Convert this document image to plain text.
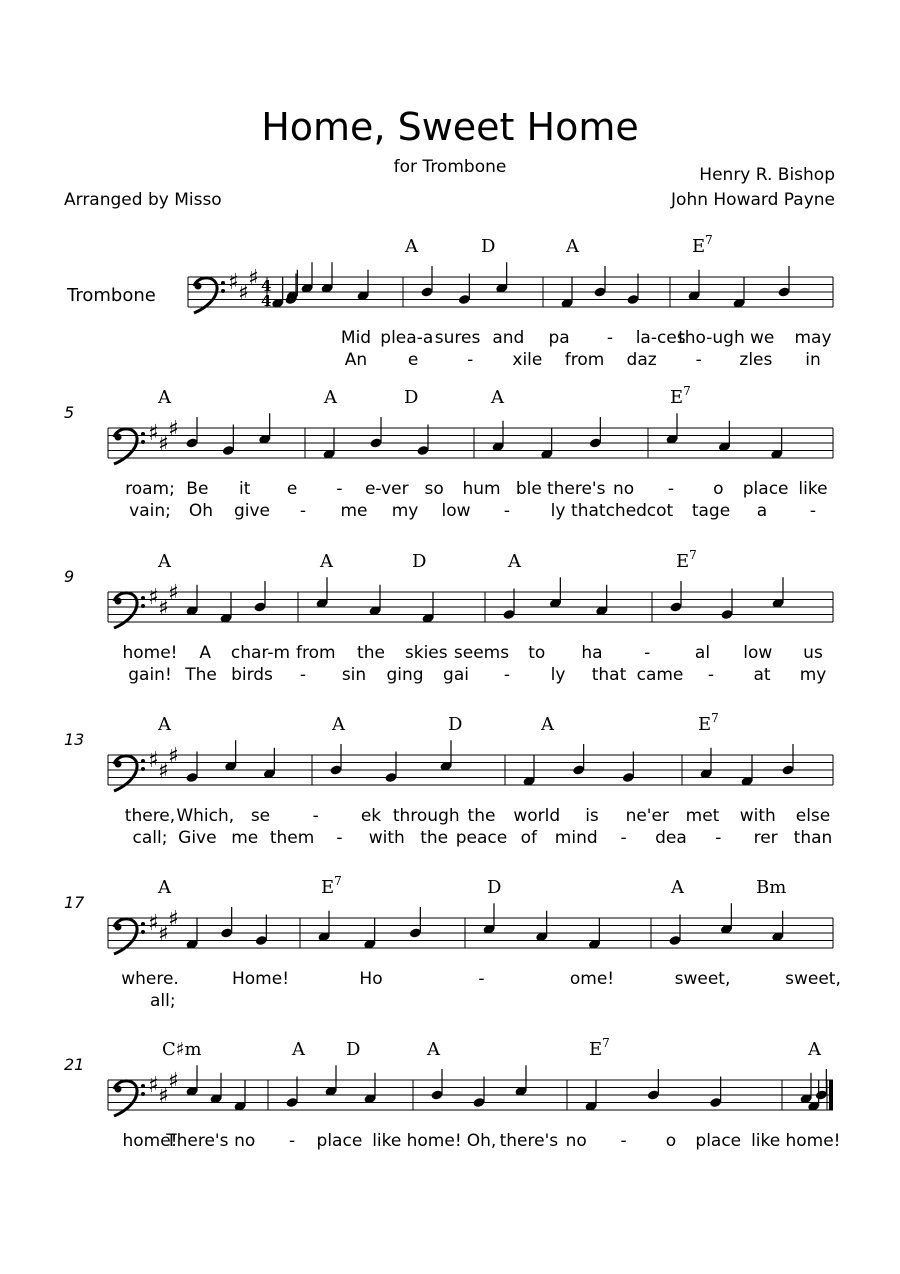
Home, Sweet Home
for Trombone	Henry R. Bishop
John Howard Payne
Arranged by Misso
Trombone
♯ ♯
♯ 4
4
A	D	A	$E^7$
♯ ♯
♯
5
A	A	D	A	$E^7$
♯ ♯
♯
9
A	A	D	A	$E^7$
♯ ♯
♯
13
A	A	D	A	$E^7$
♯ ♯
♯
17
A	$E^7$	D	A	Bm
♯ ♯
♯
21
C♯m	A D	A	$E^7$	A
Mid plea-a sures and pa - la-ces
tho-ugh we may
An e	- xile from daz - zles in
roam; Be it e - e-ver so hum ble there's no - o place like
vain; Oh give - me my low - ly thatched cot tage a	-
home! A char-m from the skies seems to ha -	al low us
gain! The birds - sin ging gai - ly that came - at my
there, Which, se	- ek through the world is ne'er met with else
call; Give me them - with the peace of mind - dea - rer than
where.	Home!	Ho	-	ome!	sweet,	sweet,
all;
home!
There's no - place like home! Oh, there's no - o place like home!
